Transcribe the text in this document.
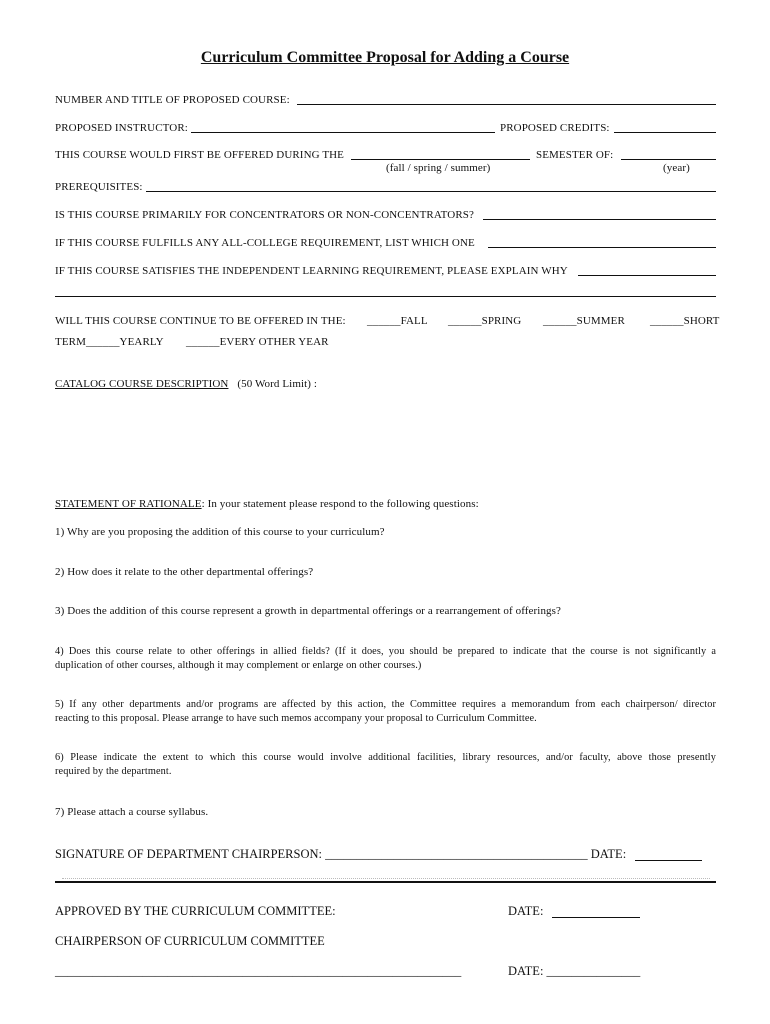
Curriculum Committee Proposal for Adding a Course
NUMBER AND TITLE OF PROPOSED COURSE:
PROPOSED INSTRUCTOR:	PROPOSED CREDITS:
THIS COURSE WOULD FIRST BE OFFERED DURING THE	SEMESTER OF:
(fall / spring / summer)	(year)
PREREQUISITES:
IS THIS COURSE PRIMARILY FOR CONCENTRATORS OR NON-CONCENTRATORS?
IF THIS COURSE FULFILLS ANY ALL-COLLEGE REQUIREMENT, LIST WHICH ONE
IF THIS COURSE SATISFIES THE INDEPENDENT LEARNING REQUIREMENT, PLEASE EXPLAIN WHY
WILL THIS COURSE CONTINUE TO BE OFFERED IN THE: ______FALL ______SPRING ______SUMMER ______SHORT
TERM______YEARLY ______EVERY OTHER YEAR
CATALOG COURSE DESCRIPTION (50 Word Limit) :
STATEMENT OF RATIONALE: In your statement please respond to the following questions:
1) Why are you proposing the addition of this course to your curriculum?
2) How does it relate to the other departmental offerings?
3) Does the addition of this course represent a growth in departmental offerings or a rearrangement of offerings?
4) Does this course relate to other offerings in allied fields? (If it does, you should be prepared to indicate that the course is not significantly a
duplication of other courses, although it may complement or enlarge on other courses.)
5) If any other departments and/or programs are affected by this action, the Committee requires a memorandum from each chairperson/ director
reacting to this proposal. Please arrange to have such memos accompany your proposal to Curriculum Committee.
6) Please indicate the extent to which this course would involve additional facilities, library resources, and/or faculty, above those presently
required by the department.
7) Please attach a course syllabus.
SIGNATURE OF DEPARTMENT CHAIRPERSON: __________________________________________ DATE:
APPROVED BY THE CURRICULUM COMMITTEE:	DATE:
CHAIRPERSON OF CURRICULUM COMMITTEE
_________________________________________________________________	DATE: _______________
